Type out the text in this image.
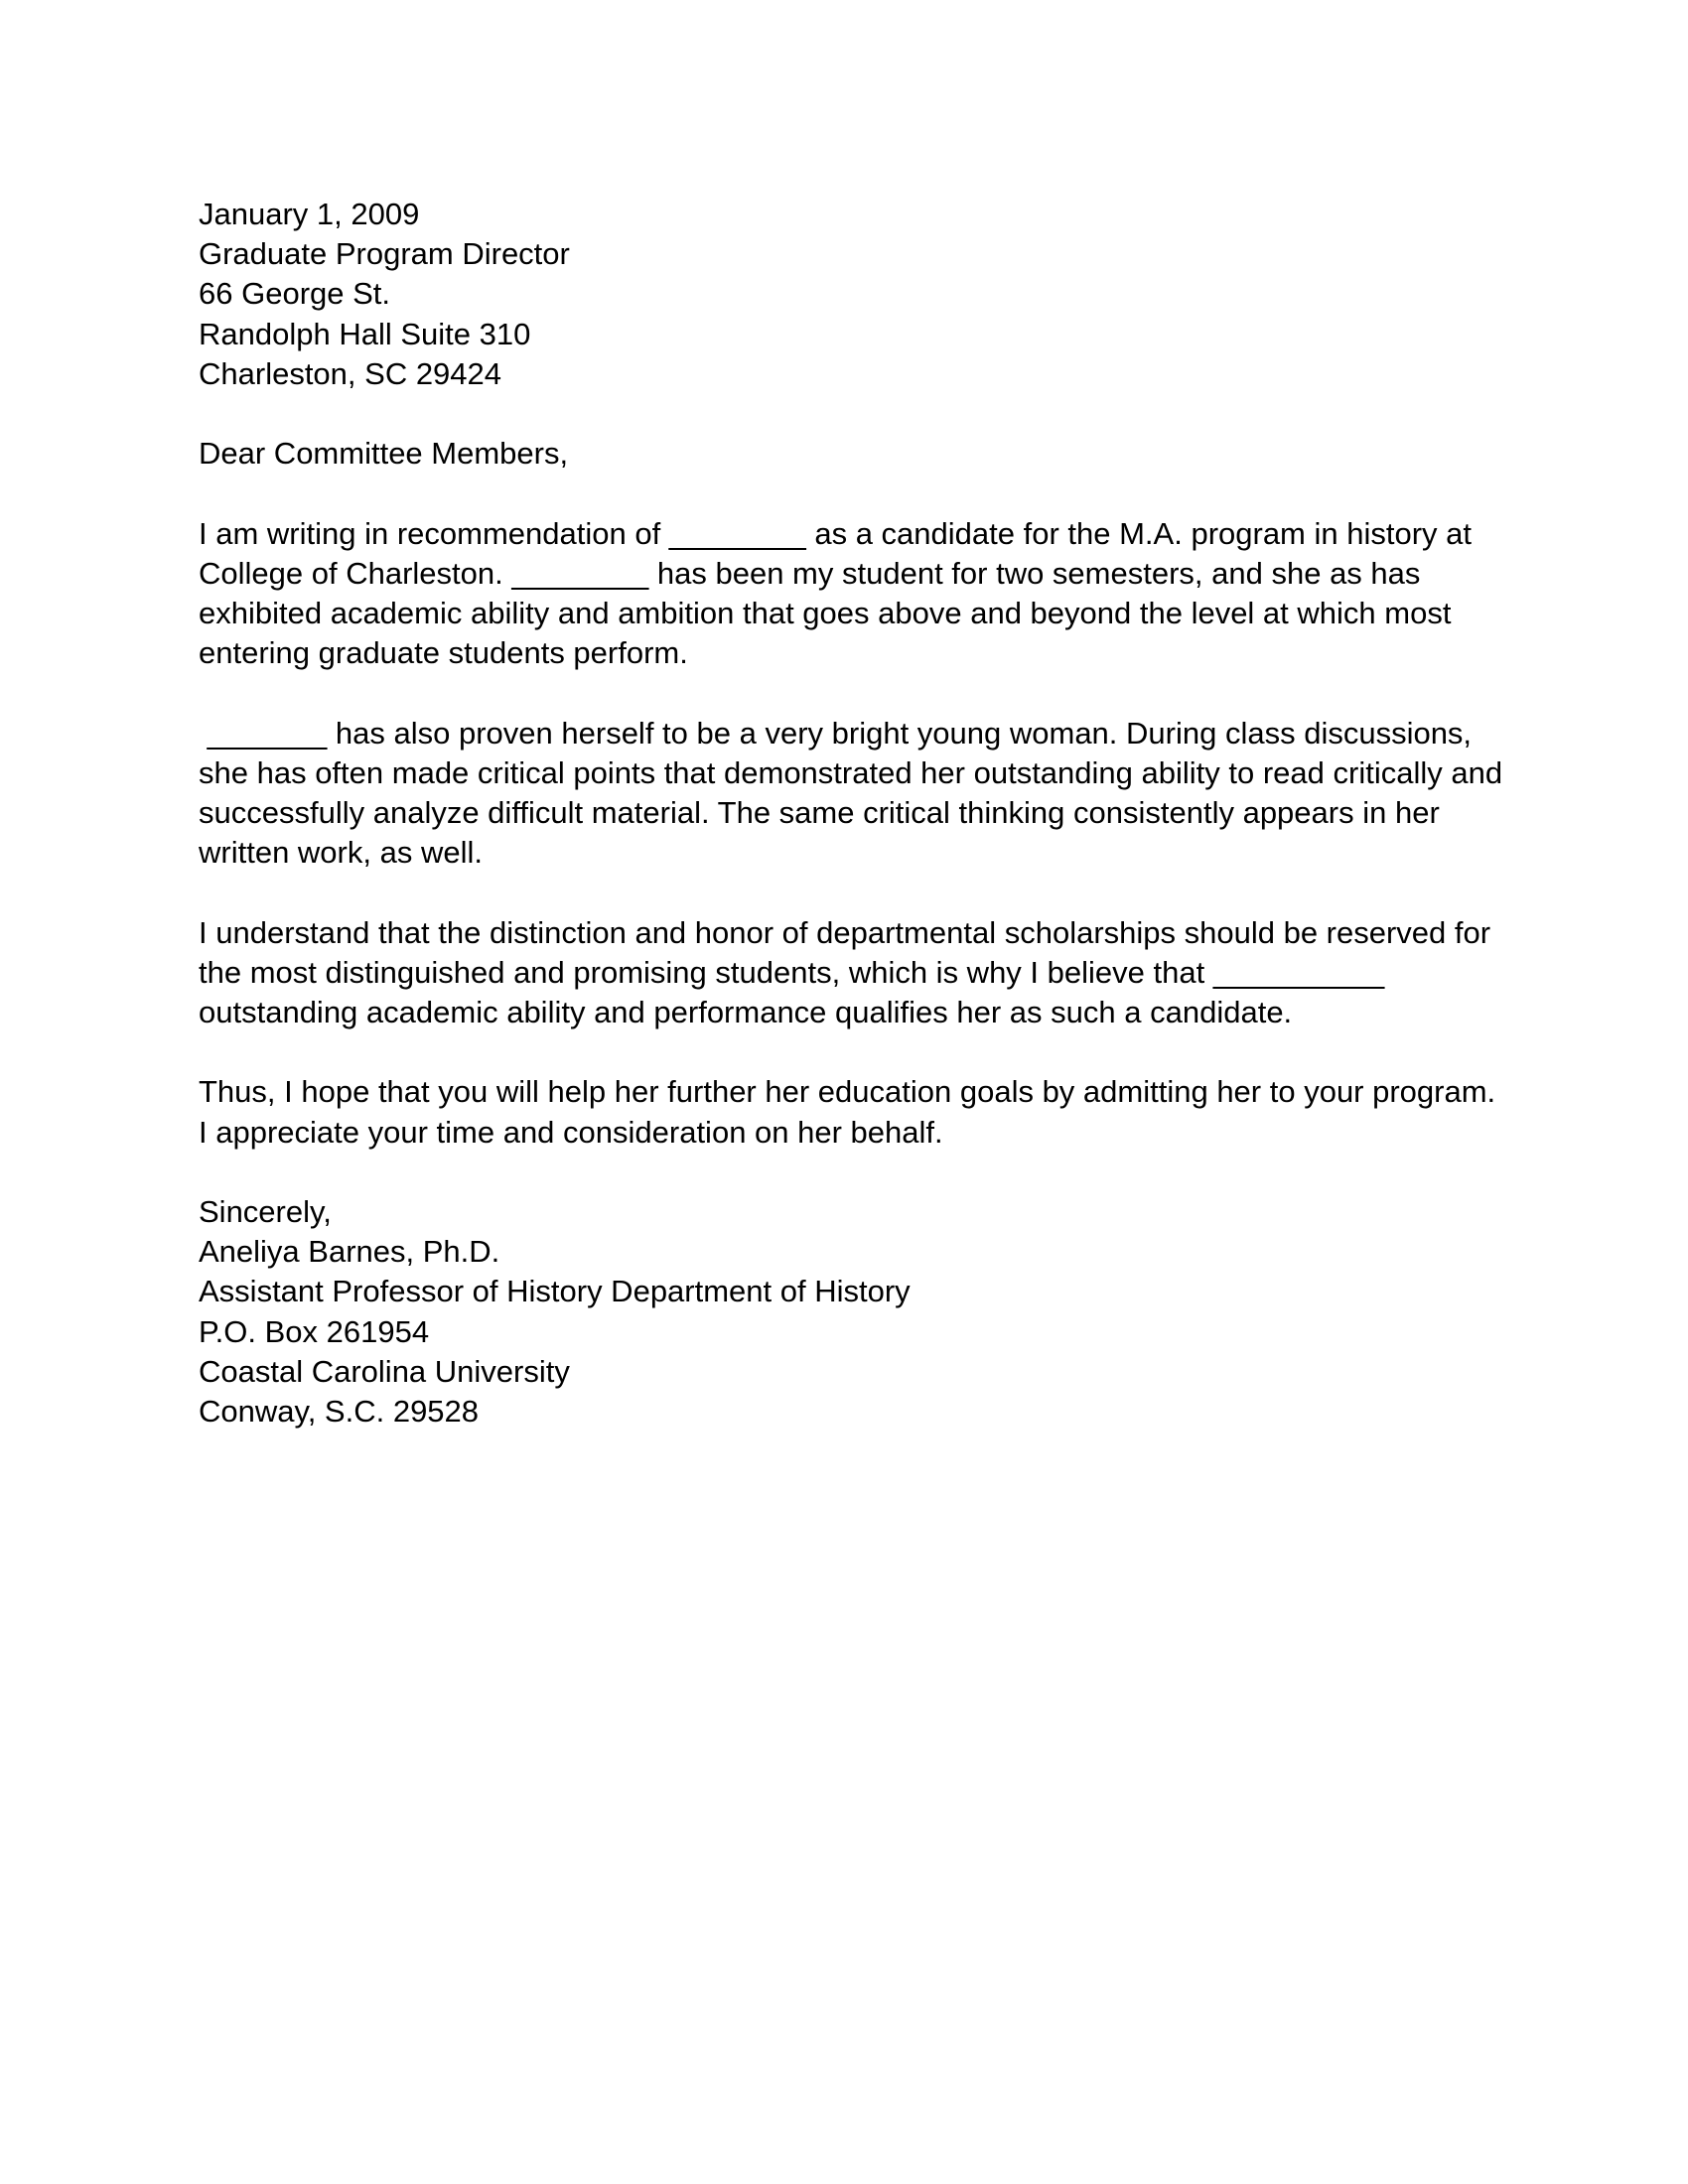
January 1, 2009
Graduate Program Director
66 George St.
Randolph Hall Suite 310
Charleston, SC 29424
Dear Committee Members,
I am writing in recommendation of ________ as a candidate for the M.A. program in history at
College of Charleston. ________ has been my student for two semesters, and she as has
exhibited academic ability and ambition that goes above and beyond the level at which most
entering graduate students perform.
_______ has also proven herself to be a very bright young woman. During class discussions,
she has often made critical points that demonstrated her outstanding ability to read critically and
successfully analyze difficult material. The same critical thinking consistently appears in her
written work, as well.
I understand that the distinction and honor of departmental scholarships should be reserved for
the most distinguished and promising students, which is why I believe that __________
outstanding academic ability and performance qualifies her as such a candidate.
Thus, I hope that you will help her further her education goals by admitting her to your program.
I appreciate your time and consideration on her behalf.
Sincerely,
Aneliya Barnes, Ph.D.
Assistant Professor of History Department of History
P.O. Box 261954
Coastal Carolina University
Conway, S.C. 29528
